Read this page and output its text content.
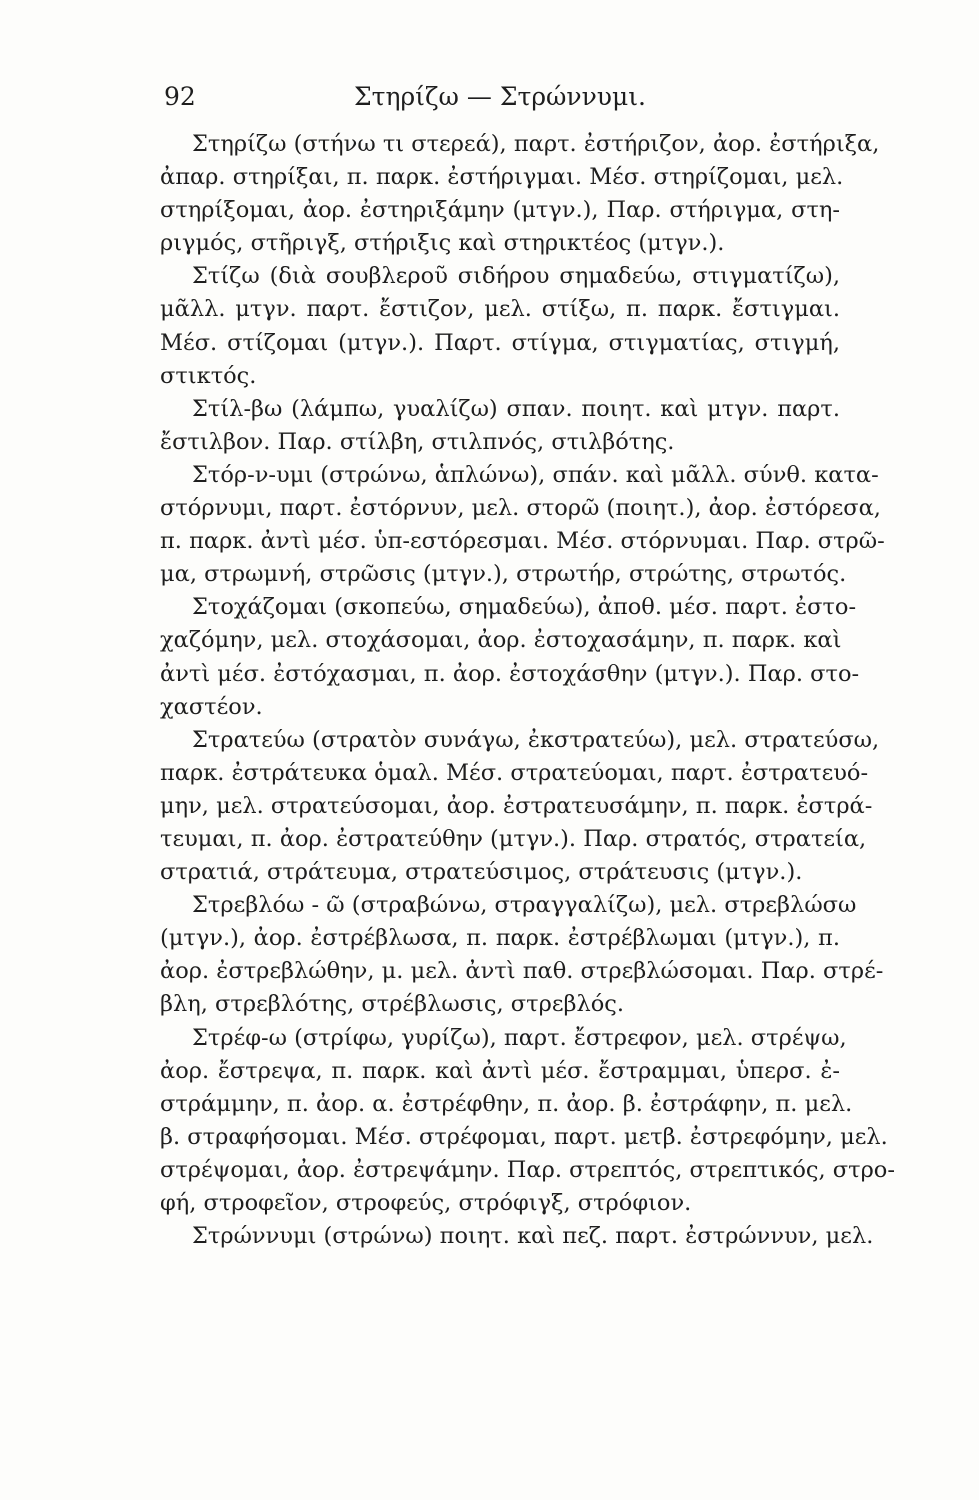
92	Στηρίζω — Στρώννυμι.
Στηρίζω (στήνω τι στερεά), παρτ. ἐστήριζον, ἀορ. ἐστήριξα,
ἀπαρ. στηρίξαι, π. παρκ. ἐστήριγμαι. Μέσ. στηρίζομαι, μελ.
στηρίξομαι, ἀορ. ἐστηριξάμην (μτγν.), Παρ. στήριγμα, στη-
ριγμός, στῆριγξ, στήριξις καὶ στηρικτέος (μτγν.).
Στίζω (διὰ σουβλεροῦ σιδήρου σημαδεύω, στιγματίζω),
μᾶλλ. μτγν. παρτ. ἔστιζον, μελ. στίξω, π. παρκ. ἔστιγμαι.
Μέσ. στίζομαι (μτγν.). Παρτ. στίγμα, στιγματίας, στιγμή,
στικτός.
Στίλ-βω (λάμπω, γυαλίζω) σπαν. ποιητ. καὶ μτγν. παρτ.
ἔστιλβον. Παρ. στίλβη, στιλπνός, στιλβότης.
Στόρ-ν-υμι (στρώνω, ἁπλώνω), σπάν. καὶ μᾶλλ. σύνθ. κατα-
στόρνυμι, παρτ. ἐστόρνυν, μελ. στορῶ (ποιητ.), ἀορ. ἐστόρεσα,
π. παρκ. ἀντὶ μέσ. ὑπ-εστόρεσμαι. Μέσ. στόρνυμαι. Παρ. στρῶ-
μα, στρωμνή, στρῶσις (μτγν.), στρωτήρ, στρώτης, στρωτός.
Στοχάζομαι (σκοπεύω, σημαδεύω), ἀποθ. μέσ. παρτ. ἐστο-
χαζόμην, μελ. στοχάσομαι, ἀορ. ἐστοχασάμην, π. παρκ. καὶ
ἀντὶ μέσ. ἐστόχασμαι, π. ἀορ. ἐστοχάσθην (μτγν.). Παρ. στο-
χαστέον.
Στρατεύω (στρατὸν συνάγω, ἐκστρατεύω), μελ. στρατεύσω,
παρκ. ἐστράτευκα ὁμαλ. Μέσ. στρατεύομαι, παρτ. ἐστρατευό-
μην, μελ. στρατεύσομαι, ἀορ. ἐστρατευσάμην, π. παρκ. ἐστρά-
τευμαι, π. ἀορ. ἐστρατεύθην (μτγν.). Παρ. στρατός, στρατεία,
στρατιά, στράτευμα, στρατεύσιμος, στράτευσις (μτγν.).
Στρεβλόω - ῶ (στραβώνω, στραγγαλίζω), μελ. στρεβλώσω
(μτγν.), ἀορ. ἐστρέβλωσα, π. παρκ. ἐστρέβλωμαι (μτγν.), π.
ἀορ. ἐστρεβλώθην, μ. μελ. ἀντὶ παθ. στρεβλώσομαι. Παρ. στρέ-
βλη, στρεβλότης, στρέβλωσις, στρεβλός.
Στρέφ-ω (στρίφω, γυρίζω), παρτ. ἔστρεφον, μελ. στρέψω,
ἀορ. ἔστρεψα, π. παρκ. καὶ ἀντὶ μέσ. ἔστραμμαι, ὑπερσ. ἐ-
στράμμην, π. ἀορ. α. ἐστρέφθην, π. ἀορ. β. ἐστράφην, π. μελ.
β. στραφήσομαι. Μέσ. στρέφομαι, παρτ. μετβ. ἐστρεφόμην, μελ.
στρέψομαι, ἀορ. ἐστρεψάμην. Παρ. στρεπτός, στρεπτικός, στρο-
φή, στροφεῖον, στροφεύς, στρόφιγξ, στρόφιον.
Στρώννυμι (στρώνω) ποιητ. καὶ πεζ. παρτ. ἐστρώννυν, μελ.
